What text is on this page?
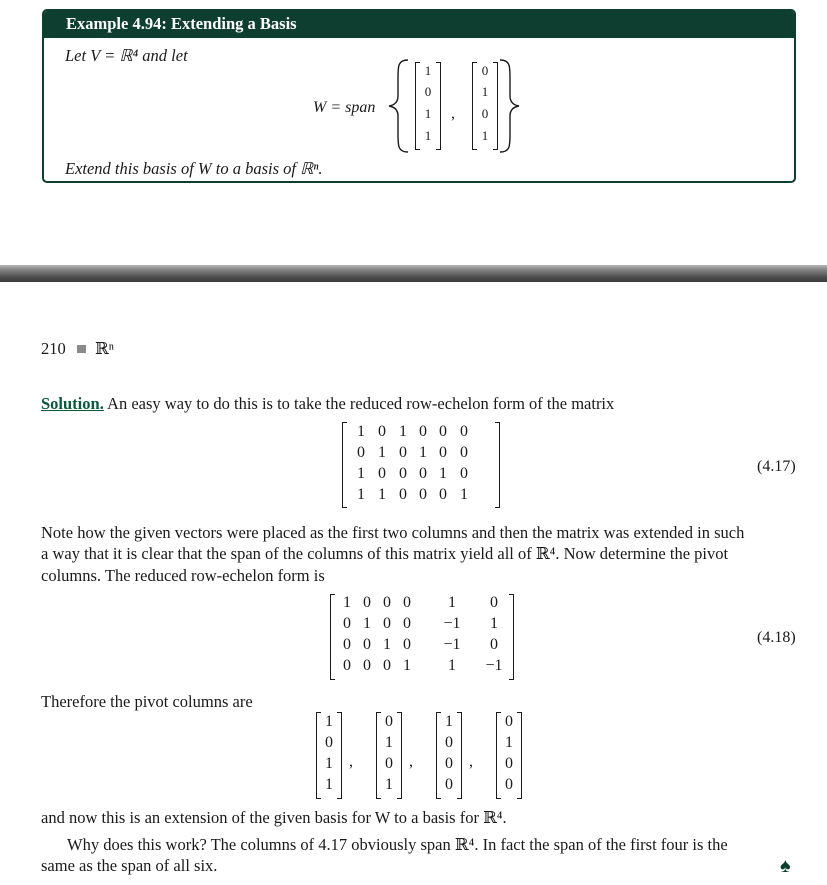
Example 4.94: Extending a Basis
Let V = ℝ⁴ and let
W = span
1
0
1
1
,
0
1
0
1
Extend this basis of W to a basis of ℝⁿ.
210 ℝⁿ
Solution. An easy way to do this is to take the reduced row-echelon form of the matrix
1 0 1 0 0 0
0 1 0 1 0 0
1 0 0 0 1 0
1 1 0 0 0 1
(4.17)
Note how the given vectors were placed as the first two columns and then the matrix was extended in such
a way that it is clear that the span of the columns of this matrix yield all of ℝ⁴. Now determine the pivot
columns. The reduced row-echelon form is
1 0 0 0 1 0
0 1 0 0 −1 1
0 0 1 0 −1 0
0 0 0 1 1 −1
(4.18)
Therefore the pivot columns are
1
0
1
1
,
0
1
0
1
,
1
0
0
0
,
0
1
0
0
and now this is an extension of the given basis for W to a basis for ℝ⁴.
Why does this work? The columns of 4.17 obviously span ℝ⁴. In fact the span of the first four is the
same as the span of all six.	♠
